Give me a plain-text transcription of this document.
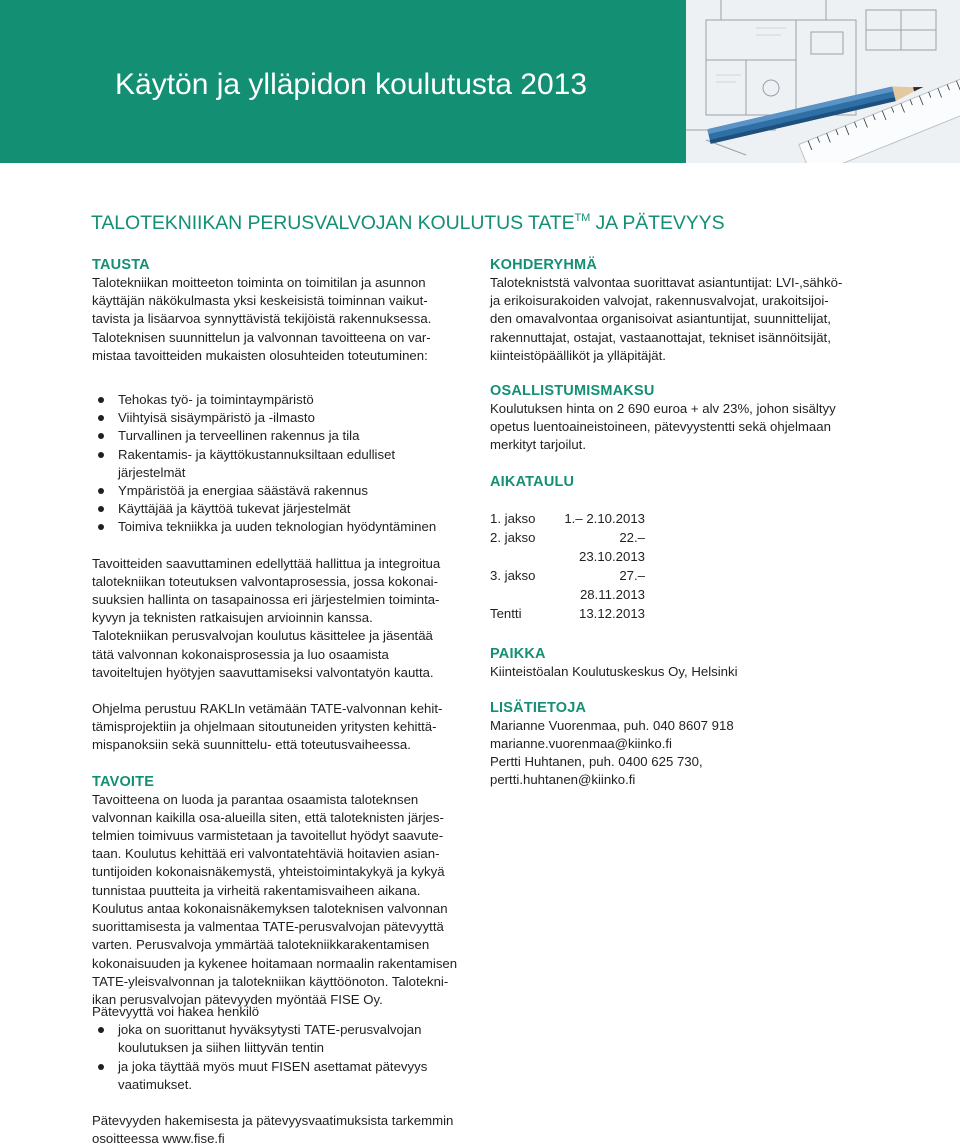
Käytön ja ylläpidon koulutusta 2013
TALOTEKNIIKAN PERUSVALVOJAN KOULUTUS TATE™ JA PÄTEVYYS
TAUSTA

Talotekniikan moitteeton toiminta on toimitilan ja asunnon
käyttäjän näkökulmasta yksi keskeisistä toiminnan vaikut-
tavista ja lisäarvoa synnyttävistä tekijöistä rakennuksessa.
Taloteknisen suunnittelun ja valvonnan tavoitteena on var-
mistaa tavoitteiden mukaisten olosuhteiden toteutuminen:

Tehokas työ- ja toimintaympäristö
Viihtyisä sisäympäristö ja -ilmasto
Turvallinen ja terveellinen rakennus ja tila
Rakentamis- ja käyttökustannuksiltaan edulliset järjestelmät
Ympäristöä ja energiaa säästävä rakennus
Käyttäjää ja käyttöä tukevat järjestelmät
Toimiva tekniikka ja uuden teknologian hyödyntäminen

Tavoitteiden saavuttaminen edellyttää hallittua ja integroitua
talotekniikan toteutuksen valvontaprosessia, jossa kokonai-
suuksien hallinta on tasapainossa eri järjestelmien toiminta-
kyvyn ja teknisten ratkaisujen arvioinnin kanssa.
Talotekniikan perusvalvojan koulutus käsittelee ja jäsentää
tätä valvonnan kokonaisprosessia ja luo osaamista
tavoiteltujen hyötyjen saavuttamiseksi valvontatyön kautta.

Ohjelma perustuu RAKLIn vetämään TATE-valvonnan kehit-
tämisprojektiin ja ohjelmaan sitoutuneiden yritysten kehittä-
mispanoksiin sekä suunnittelu- että toteutusvaiheessa.

TAVOITE

Tavoitteena on luoda ja parantaa osaamista taloteknsen
valvonnan kaikilla osa-alueilla siten, että taloteknisten järjes-
telmien toimivuus varmistetaan ja tavoitellut hyödyt saavute-
taan. Koulutus kehittää eri valvontatehtäviä hoitavien asian-
tuntijoiden kokonaisnäkemystä, yhteistoimintakykyä ja kykyä
tunnistaa puutteita ja virheitä rakentamisvaiheen aikana.
Koulutus antaa kokonaisnäkemyksen taloteknisen valvonnan
suorittamisesta ja valmentaa TATE-perusvalvojan pätevyyttä
varten. Perusvalvoja ymmärtää talotekniikkarakentamisen
kokonaisuuden ja kykenee hoitamaan normaalin rakentamisen
TATE-yleisvalvonnan ja talotekniikan käyttöönoton. Talotekni-
ikan perusvalvojan pätevyyden myöntää FISE Oy.

Pätevyyttä voi hakea henkilö

joka on suorittanut hyväksytysti TATE-perusvalvojan koulutuksen ja siihen liittyvän tentin
ja joka täyttää myös muut FISEN asettamat pätevyys vaatimukset.

Pätevyyden hakemisesta ja pätevyysvaatimuksista tarkemmin
osoitteessa www.fise.fi

KOHDERYHMÄ

Talotekniststä valvontaa suorittavat asiantuntijat: LVI-,sähkö-
ja erikoisurakoiden valvojat, rakennusvalvojat, urakoitsijoi-
den omavalvontaa organisoivat asiantuntijat, suunnittelijat,
rakennuttajat, ostajat, vastaanottajat, tekniset isännöitsijät,
kiinteistöpäälliköt ja ylläpitäjät.

OSALLISTUMISMAKSU

Koulutuksen hinta on 2 690 euroa + alv 23%, johon sisältyy
opetus luentoaineistoineen, pätevyystentti sekä ohjelmaan
merkityt tarjoilut.

AIKATAULU
1. jakso	1.– 2.10.2013
2. jakso	22.– 23.10.2013
3. jakso	27.– 28.11.2013
Tentti	13.12.2013
PAIKKA

Kiinteistöalan Koulutuskeskus Oy, Helsinki

LISÄTIETOJA

Marianne Vuorenmaa, puh. 040 8607 918
marianne.vuorenmaa@kiinko.fi
Pertti Huhtanen, puh. 0400 625 730,
pertti.huhtanen@kiinko.fi
